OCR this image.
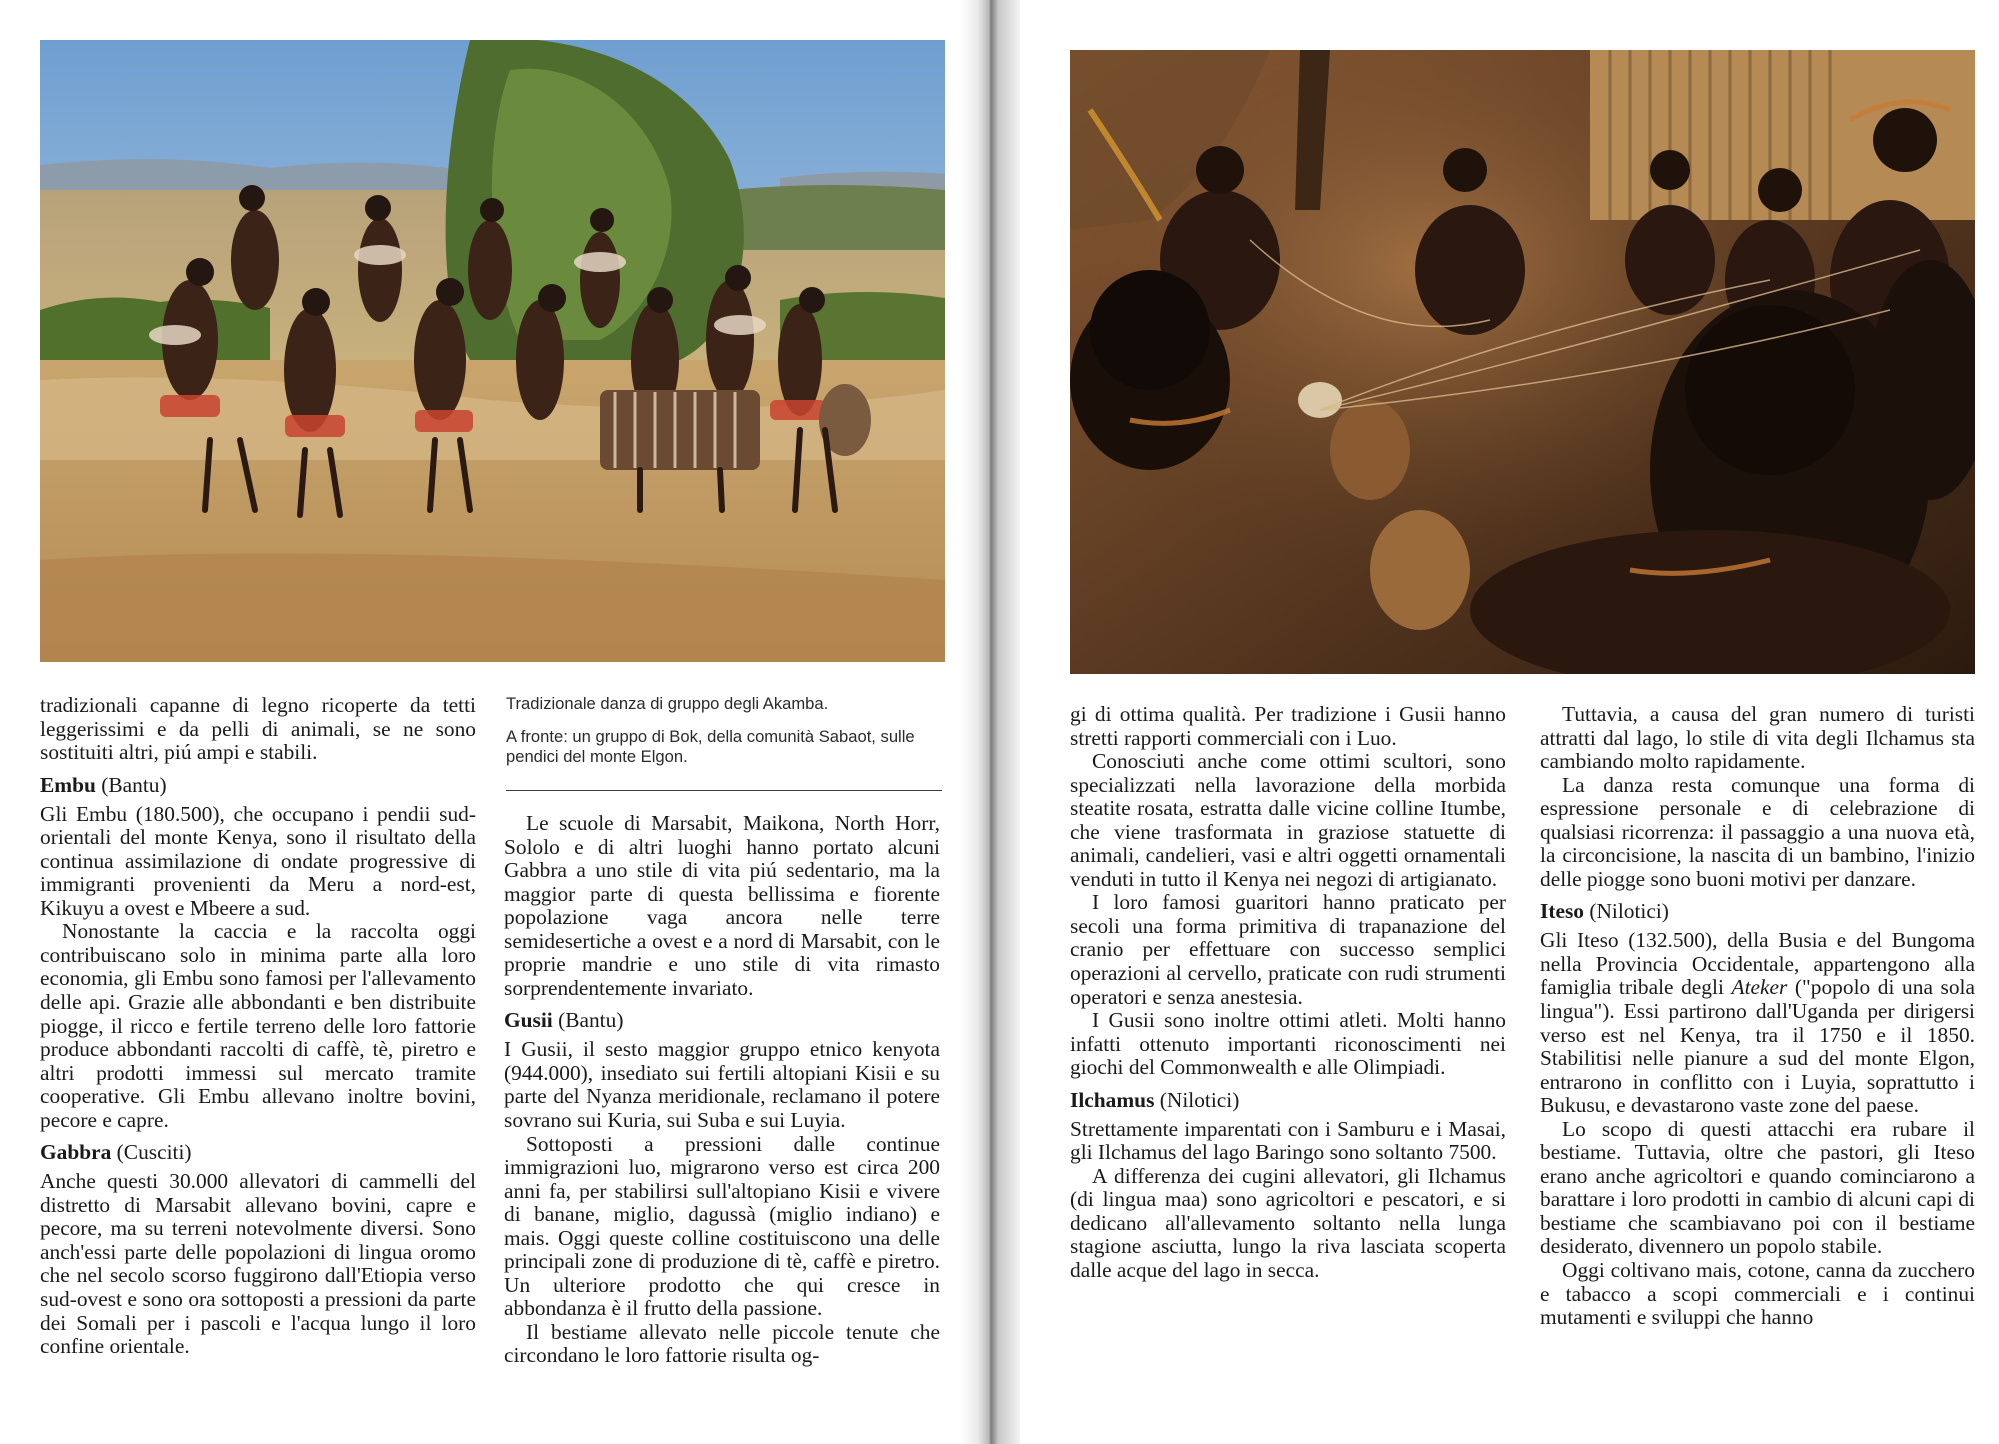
tradizionali capanne di legno ricoperte da tetti leggerissimi e da pelli di animali, se ne sono sostituiti altri, piú ampi e stabili.

Embu (Bantu)

Gli Embu (180.500), che occupano i pendii sud-orientali del monte Kenya, sono il risultato della continua assimilazione di ondate progressive di immigranti provenienti da Meru a nord-est, Kikuyu a ovest e Mbeere a sud.

Nonostante la caccia e la raccolta oggi contribuiscano solo in minima parte alla loro economia, gli Embu sono famosi per l'allevamento delle api. Grazie alle abbondanti e ben distribuite piogge, il ricco e fertile terreno delle loro fattorie produce abbondanti raccolti di caffè, tè, piretro e altri prodotti immessi sul mercato tramite cooperative. Gli Embu allevano inoltre bovini, pecore e capre.

Gabbra (Cusciti)

Anche questi 30.000 allevatori di cammelli del distretto di Marsabit allevano bovini, capre e pecore, ma su terreni notevolmente diversi. Sono anch'essi parte delle popolazioni di lingua oromo che nel secolo scorso fuggirono dall'Etiopia verso sud-ovest e sono ora sottoposti a pressioni da parte dei Somali per i pascoli e l'acqua lungo il loro confine orientale.

Tradizionale danza di gruppo degli Akamba.

A fronte: un gruppo di Bok, della comunità Sabaot, sulle pendici del monte Elgon.

Le scuole di Marsabit, Maikona, North Horr, Sololo e di altri luoghi hanno portato alcuni Gabbra a uno stile di vita piú sedentario, ma la maggior parte di questa bellissima e fiorente popolazione vaga ancora nelle terre semidesertiche a ovest e a nord di Marsabit, con le proprie mandrie e uno stile di vita rimasto sorprendentemente invariato.

Gusii (Bantu)

I Gusii, il sesto maggior gruppo etnico kenyota (944.000), insediato sui fertili altopiani Kisii e su parte del Nyanza meridionale, reclamano il potere sovrano sui Kuria, sui Suba e sui Luyia.

Sottoposti a pressioni dalle continue immigrazioni luo, migrarono verso est circa 200 anni fa, per stabilirsi sull'altopiano Kisii e vivere di banane, miglio, dagussà (miglio indiano) e mais. Oggi queste colline costituiscono una delle principali zone di produzione di tè, caffè e piretro. Un ulteriore prodotto che qui cresce in abbondanza è il frutto della passione.

Il bestiame allevato nelle piccole tenute che circondano le loro fattorie risulta og-

gi di ottima qualità. Per tradizione i Gusii hanno stretti rapporti commerciali con i Luo.

Conosciuti anche come ottimi scultori, sono specializzati nella lavorazione della morbida steatite rosata, estratta dalle vicine colline Itumbe, che viene trasformata in graziose statuette di animali, candelieri, vasi e altri oggetti ornamentali venduti in tutto il Kenya nei negozi di artigianato.

I loro famosi guaritori hanno praticato per secoli una forma primitiva di trapanazione del cranio per effettuare con successo semplici operazioni al cervello, praticate con rudi strumenti operatori e senza anestesia.

I Gusii sono inoltre ottimi atleti. Molti hanno infatti ottenuto importanti riconoscimenti nei giochi del Commonwealth e alle Olimpiadi.

Ilchamus (Nilotici)

Strettamente imparentati con i Samburu e i Masai, gli Ilchamus del lago Baringo sono soltanto 7500.

A differenza dei cugini allevatori, gli Ilchamus (di lingua maa) sono agricoltori e pescatori, e si dedicano all'allevamento soltanto nella lunga stagione asciutta, lungo la riva lasciata scoperta dalle acque del lago in secca.

Tuttavia, a causa del gran numero di turisti attratti dal lago, lo stile di vita degli Ilchamus sta cambiando molto rapidamente.

La danza resta comunque una forma di espressione personale e di celebrazione di qualsiasi ricorrenza: il passaggio a una nuova età, la circoncisione, la nascita di un bambino, l'inizio delle piogge sono buoni motivi per danzare.

Iteso (Nilotici)

Gli Iteso (132.500), della Busia e del Bungoma nella Provincia Occidentale, appartengono alla famiglia tribale degli Ateker ("popolo di una sola lingua"). Essi partirono dall'Uganda per dirigersi verso est nel Kenya, tra il 1750 e il 1850. Stabilitisi nelle pianure a sud del monte Elgon, entrarono in conflitto con i Luyia, soprattutto i Bukusu, e devastarono vaste zone del paese.

Lo scopo di questi attacchi era rubare il bestiame. Tuttavia, oltre che pastori, gli Iteso erano anche agricoltori e quando cominciarono a barattare i loro prodotti in cambio di alcuni capi di bestiame che scambiavano poi con il bestiame desiderato, divennero un popolo stabile.

Oggi coltivano mais, cotone, canna da zucchero e tabacco a scopi commerciali e i continui mutamenti e sviluppi che hanno
